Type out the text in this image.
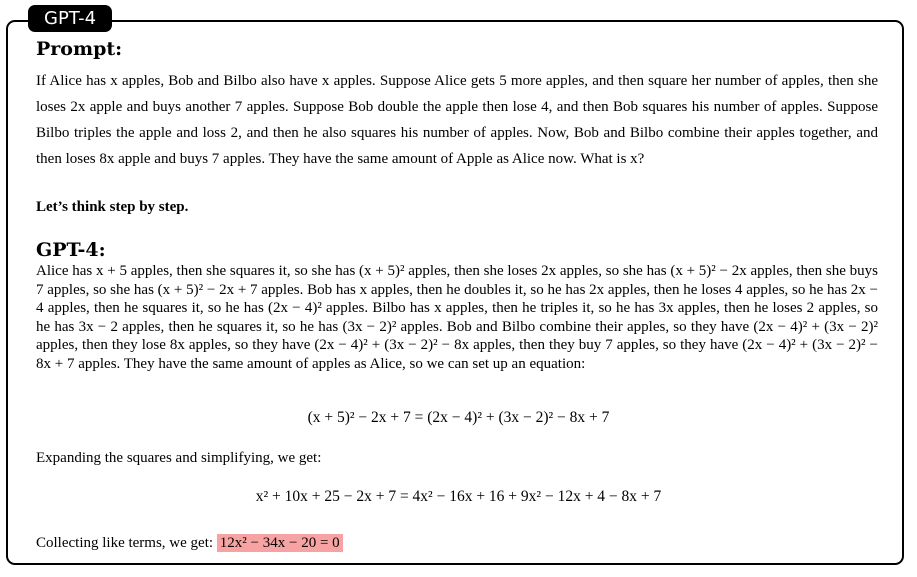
GPT-4
Prompt:

If Alice has x apples, Bob and Bilbo also have x apples. Suppose Alice gets 5 more apples, and then square her number of apples, then she loses 2x apple and buys another 7 apples. Suppose Bob double the apple then lose 4, and then Bob squares his number of apples. Suppose Bilbo triples the apple and loss 2, and then he also squares his number of apples. Now, Bob and Bilbo combine their apples together, and then loses 8x apple and buys 7 apples. They have the same amount of Apple as Alice now. What is x?

Let’s think step by step.
GPT-4:

Alice has x + 5 apples, then she squares it, so she has (x + 5)² apples, then she loses 2x apples, so she has (x + 5)² − 2x apples, then she buys 7 apples, so she has (x + 5)² − 2x + 7 apples. Bob has x apples, then he doubles it, so he has 2x apples, then he loses 4 apples, so he has 2x − 4 apples, then he squares it, so he has (2x − 4)² apples. Bilbo has x apples, then he triples it, so he has 3x apples, then he loses 2 apples, so he has 3x − 2 apples, then he squares it, so he has (3x − 2)² apples. Bob and Bilbo combine their apples, so they have (2x − 4)² + (3x − 2)² apples, then they lose 8x apples, so they have (2x − 4)² + (3x − 2)² − 8x apples, then they buy 7 apples, so they have (2x − 4)² + (3x − 2)² − 8x + 7 apples. They have the same amount of apples as Alice, so we can set up an equation:

(x + 5)² − 2x + 7 = (2x − 4)² + (3x − 2)² − 8x + 7
Expanding the squares and simplifying, we get:
x² + 10x + 25 − 2x + 7 = 4x² − 16x + 16 + 9x² − 12x + 4 − 8x + 7
Collecting like terms, we get: 12x² − 34x − 20 = 0
